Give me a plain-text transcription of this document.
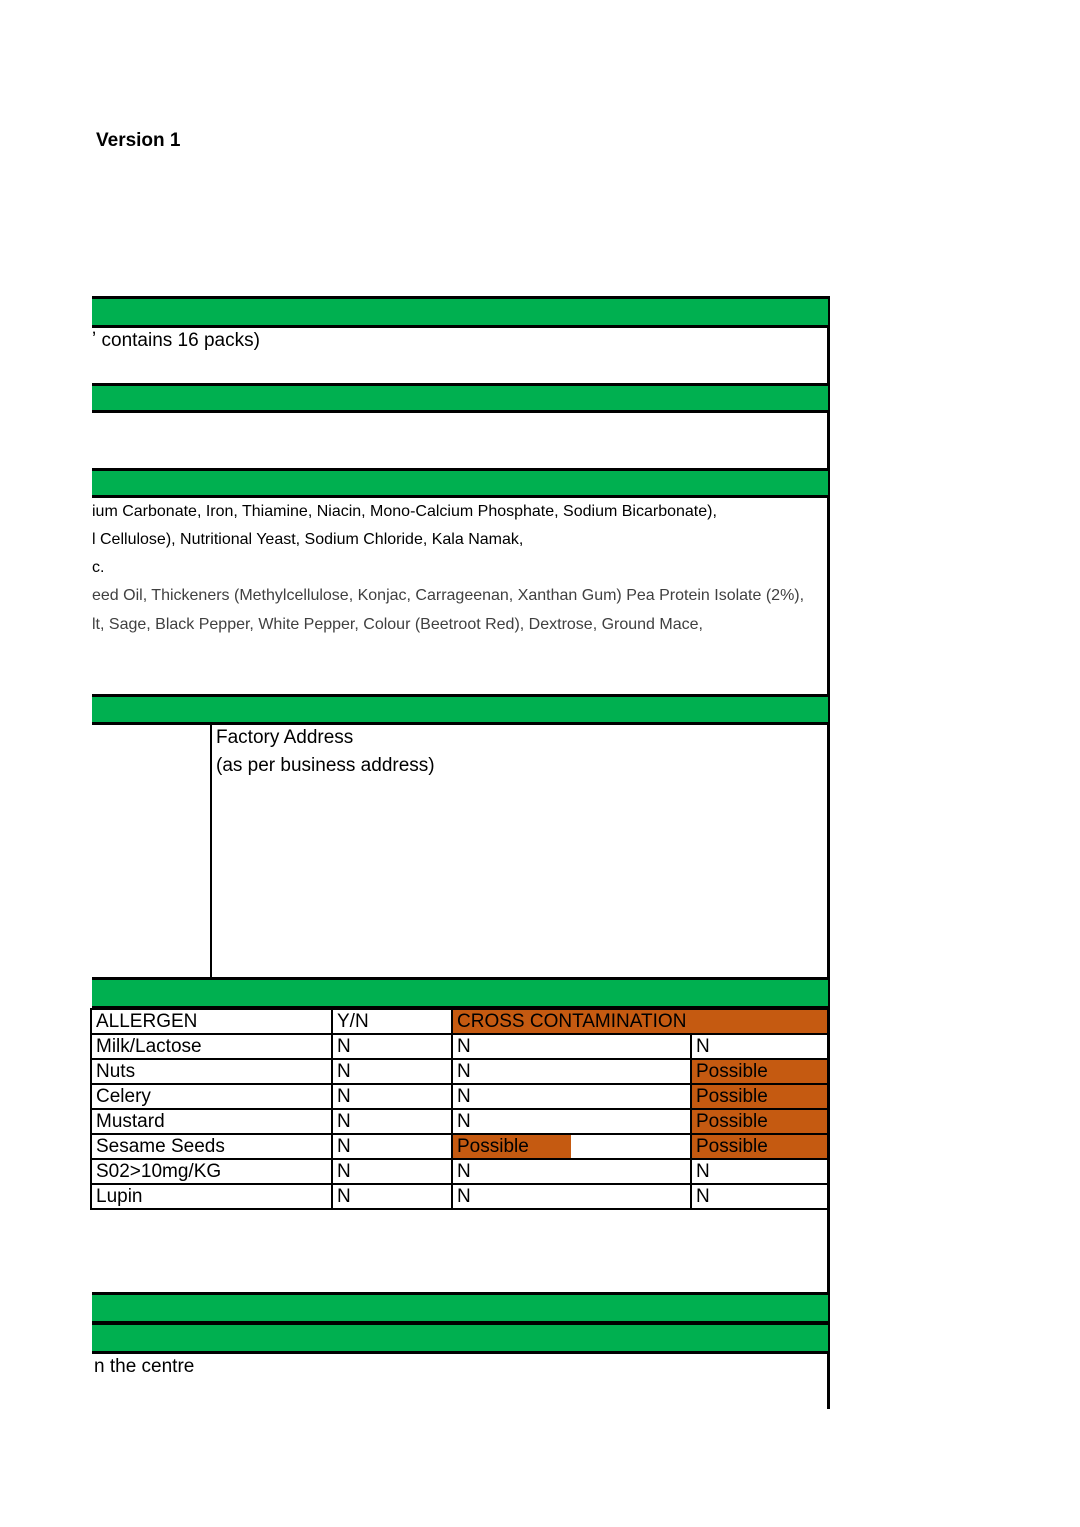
Version 1
ʼ contains 16 packs)
ium Carbonate, Iron, Thiamine, Niacin, Mono-Calcium Phosphate, Sodium Bicarbonate),
l Cellulose), Nutritional Yeast, Sodium Chloride, Kala Namak,
c.
eed Oil, Thickeners (Methylcellulose, Konjac, Carrageenan, Xanthan Gum) Pea Protein Isolate (2%),
lt, Sage, Black Pepper, White Pepper, Colour (Beetroot Red), Dextrose, Ground Mace,
Factory Address
(as per business address)
ALLERGEN	Y/N	CROSS CONTAMINATION	
Milk/Lactose	N	N	N
Nuts	N	N	Possible
Celery	N	N	Possible
Mustard	N	N	Possible
Sesame Seeds	N	Possible	Possible
S02>10mg/KG	N	N	N
Lupin	N	N	N
n the centre
